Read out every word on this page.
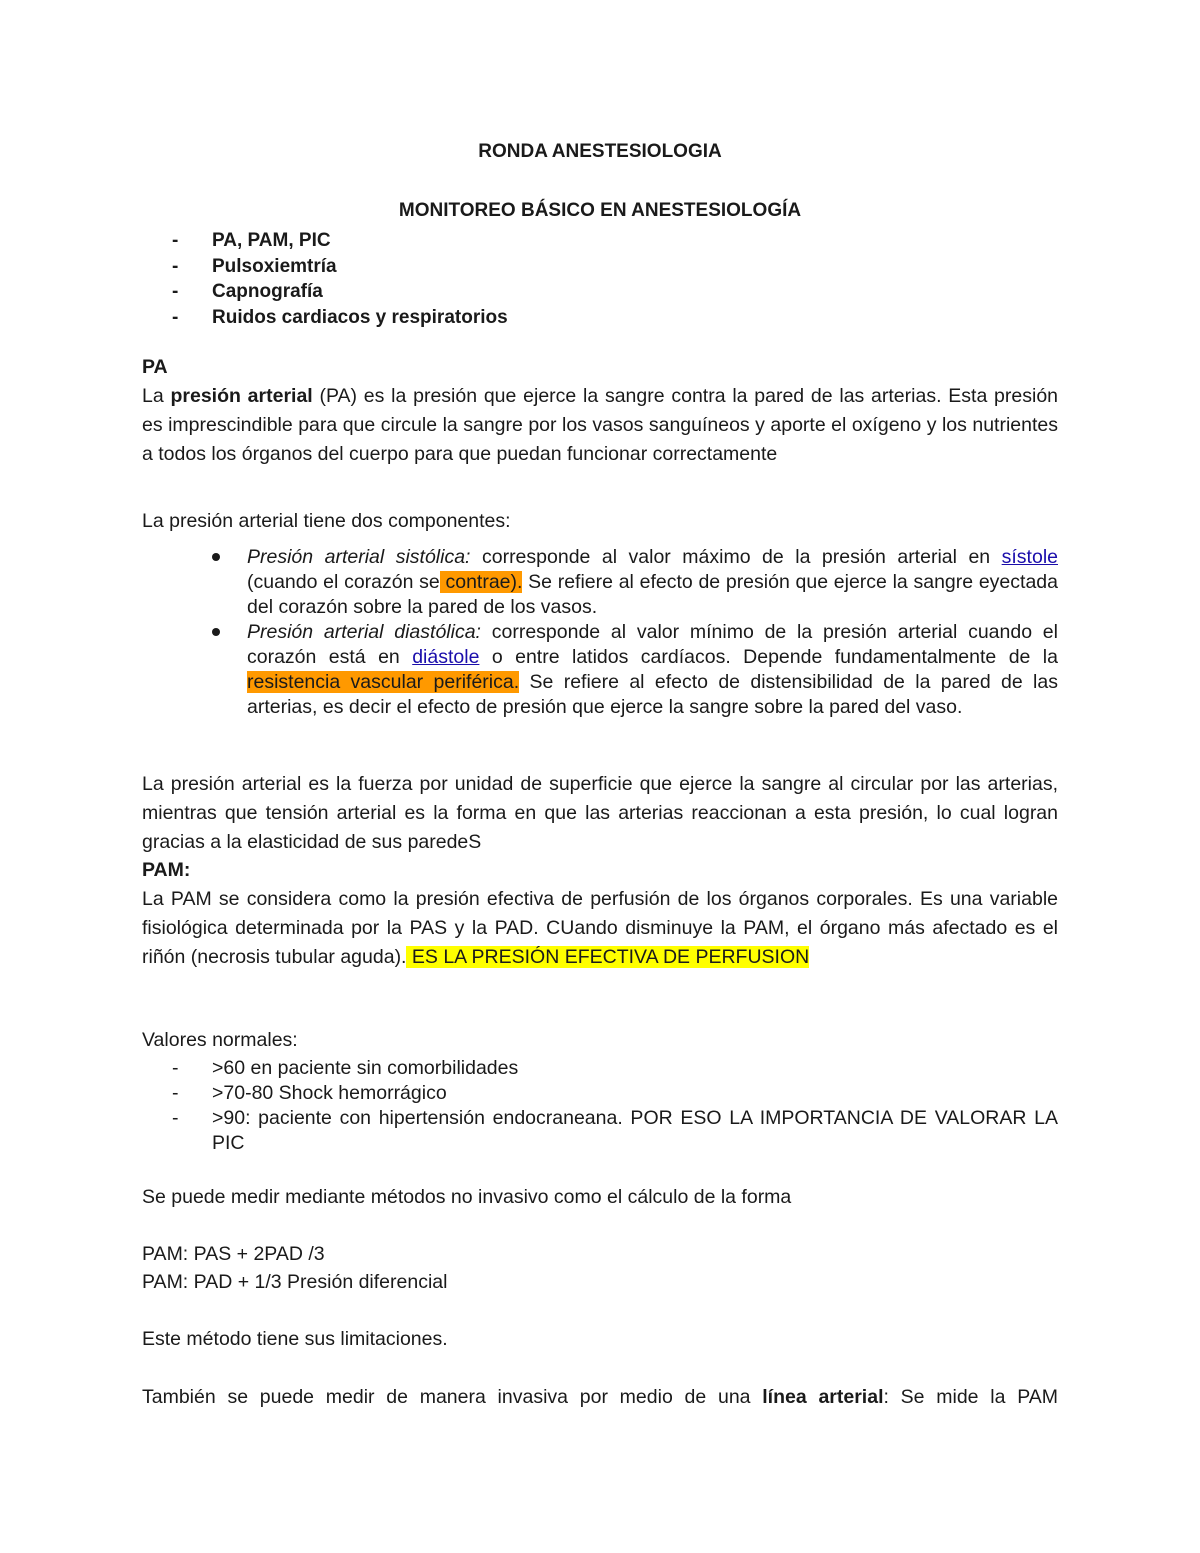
RONDA ANESTESIOLOGIA
MONITOREO BÁSICO EN ANESTESIOLOGÍA
- PA, PAM, PIC
- Pulsoxiemtría
- Capnografía
- Ruidos cardiacos y respiratorios
PA
La presión arterial (PA) es la presión que ejerce la sangre contra la pared de las arterias. Esta presión es imprescindible para que circule la sangre por los vasos sanguíneos y aporte el oxígeno y los nutrientes a todos los órganos del cuerpo para que puedan funcionar correctamente
La presión arterial tiene dos componentes:
Presión arterial sistólica: corresponde al valor máximo de la presión arterial en sístole (cuando el corazón se contrae). Se refiere al efecto de presión que ejerce la sangre eyectada del corazón sobre la pared de los vasos.
Presión arterial diastólica: corresponde al valor mínimo de la presión arterial cuando el corazón está en diástole o entre latidos cardíacos. Depende fundamentalmente de la resistencia vascular periférica. Se refiere al efecto de distensibilidad de la pared de las arterias, es decir el efecto de presión que ejerce la sangre sobre la pared del vaso.
La presión arterial es la fuerza por unidad de superficie que ejerce la sangre al circular por las arterias, mientras que tensión arterial es la forma en que las arterias reaccionan a esta presión, lo cual logran gracias a la elasticidad de sus paredeS
PAM:
La PAM se considera como la presión efectiva de perfusión de los órganos corporales. Es una variable fisiológica determinada por la PAS y la PAD. CUando disminuye la PAM, el órgano más afectado es el riñón (necrosis tubular aguda). ES LA PRESIÓN EFECTIVA DE PERFUSION
Valores normales:
- >60 en paciente sin comorbilidades
- >70-80 Shock hemorrágico
- >90: paciente con hipertensión endocraneana. POR ESO LA IMPORTANCIA DE VALORAR LA PIC
Se puede medir mediante métodos no invasivo como el cálculo de la forma
PAM: PAS + 2PAD /3
PAM: PAD + 1/3 Presión diferencial
Este método tiene sus limitaciones.
También se puede medir de manera invasiva por medio de una línea arterial: Se mide la PAM
